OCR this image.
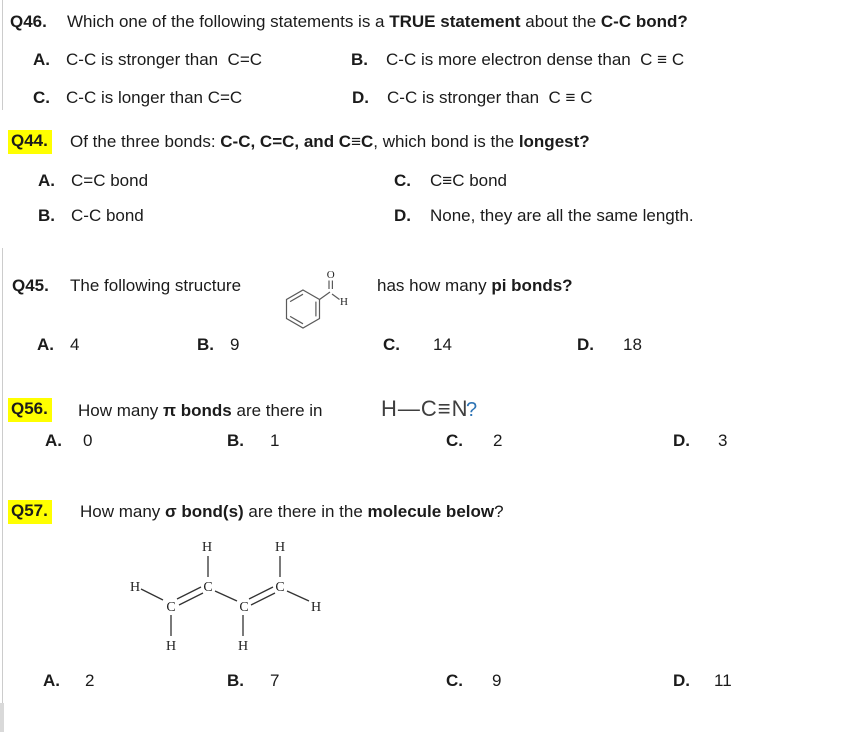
Q46. Which one of the following statements is a TRUE statement about the C-C bond?
A. C-C is stronger than  C=C	B. C-C is more electron dense than  C ≡ C
C. C-C is longer than C=C	D. C-C is stronger than  C ≡ C
Q44. Of the three bonds: C-C, C=C, and C≡C, which bond is the longest?
A. C=C bond	C. C≡C bond
B. C-C bond	D. None, they are all the same length.
Q45. The following structure
O
H
has how many pi bonds?
A. 4	B. 9	C. 14	D. 18
Q56. How many π bonds are there in H—C≡N
?
A. 0	B. 1	C. 2	D. 3
Q57. How many σ bond(s) are there in the molecule below?
H	H
H	C	C
C	C	H
H	H
A. 2	B. 7	C. 9	D. 11
